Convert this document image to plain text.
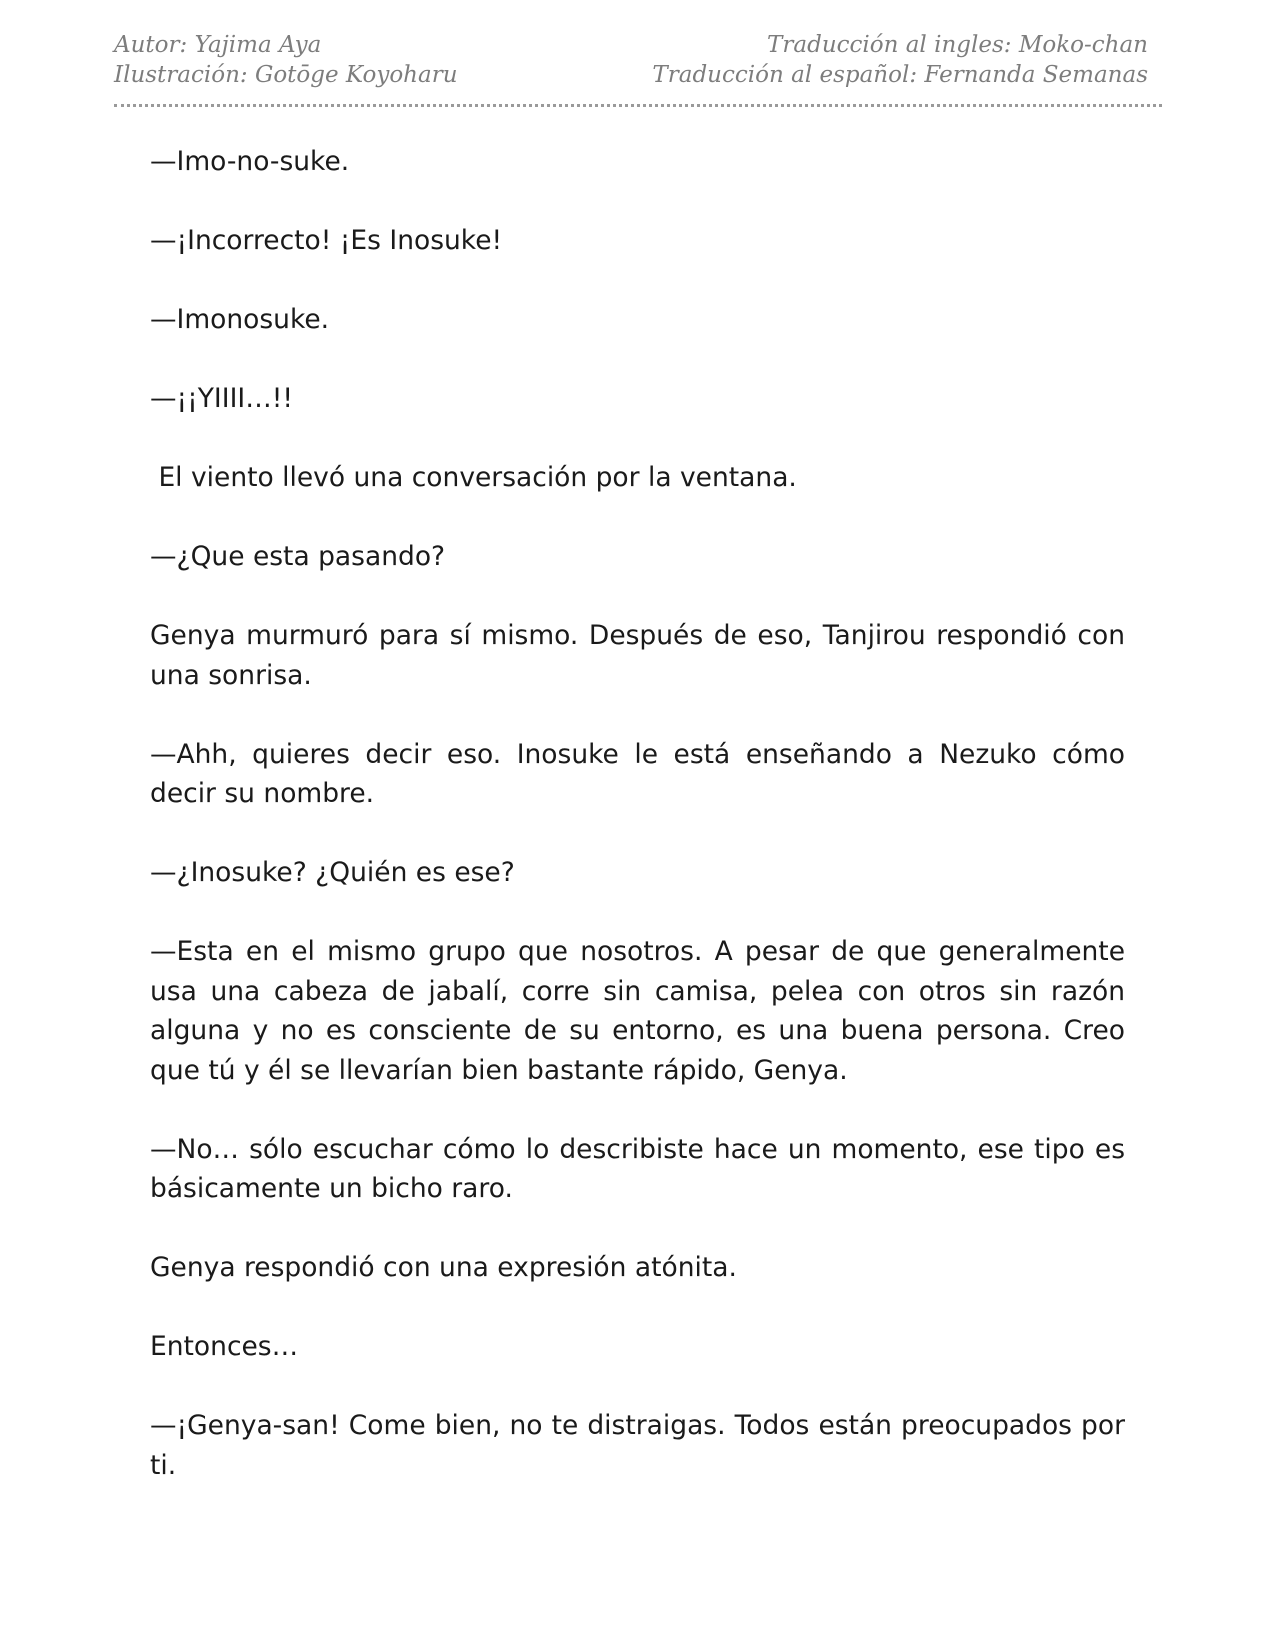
Autor: Yajima Aya
Ilustración: Gotōge Koyoharu
Traducción al ingles: Moko-chan
Traducción al español: Fernanda Semanas

—Imo-no-suke.

—¡Incorrecto! ¡Es Inosuke!

—Imonosuke.

—¡¡YIIII…!!

El viento llevó una conversación por la ventana.

—¿Que esta pasando?

Genya murmuró para sí mismo. Después de eso, Tanjirou respondió con una sonrisa.

—Ahh, quieres decir eso. Inosuke le está enseñando a Nezuko cómo decir su nombre.

—¿Inosuke? ¿Quién es ese?

—Esta en el mismo grupo que nosotros. A pesar de que generalmente usa una cabeza de jabalí, corre sin camisa, pelea con otros sin razón alguna y no es consciente de su entorno, es una buena persona. Creo que tú y él se llevarían bien bastante rápido, Genya.

—No… sólo escuchar cómo lo describiste hace un momento, ese tipo es básicamente un bicho raro.

Genya respondió con una expresión atónita.

Entonces…

—¡Genya-san! Come bien, no te distraigas. Todos están preocupados por ti.
